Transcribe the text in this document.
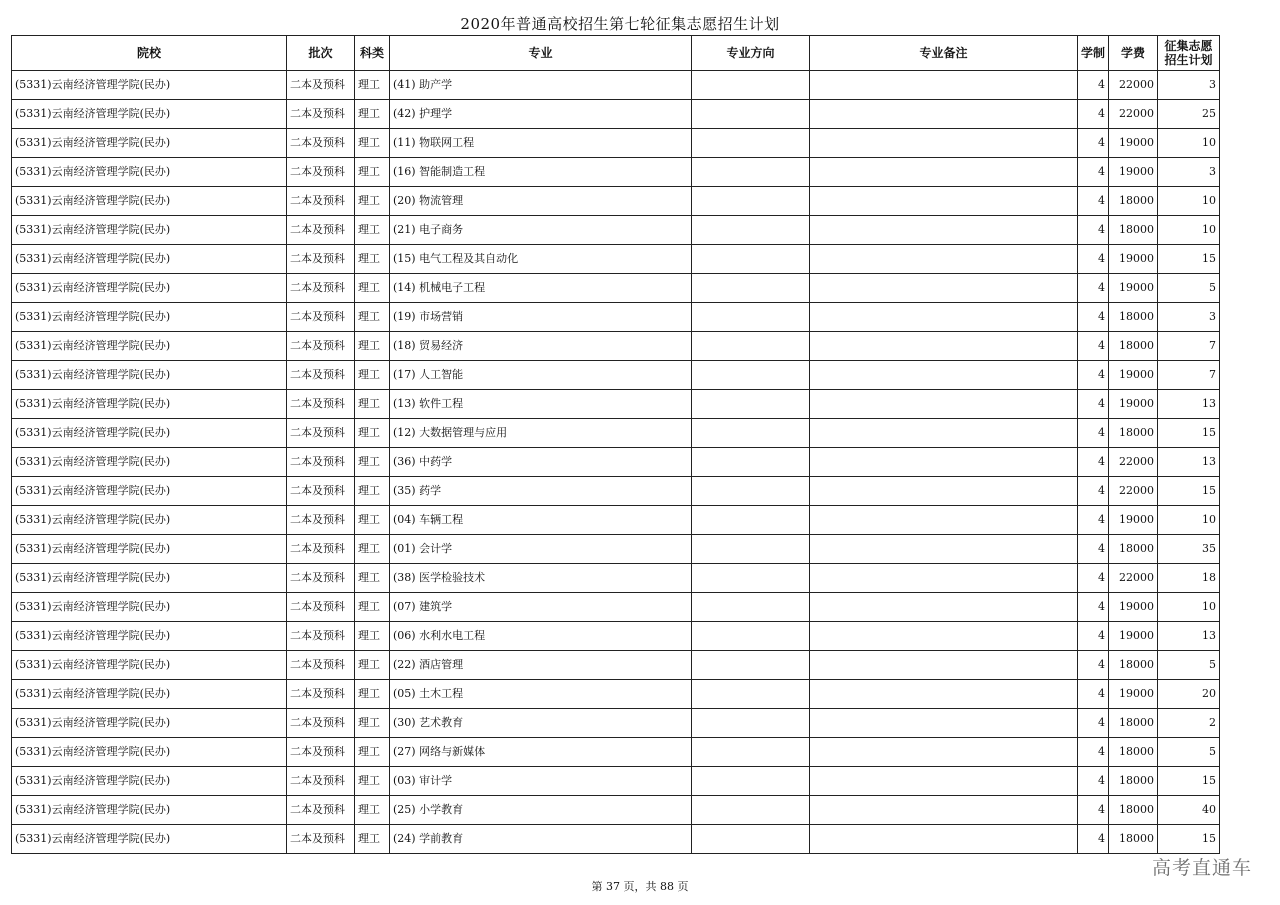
2020年普通高校招生第七轮征集志愿招生计划
院校	批次	科类	专业	专业方向	专业备注	学制	学费	征集志愿
招生计划
(5331)云南经济管理学院(民办)	二本及预科	理工	(41) 助产学			4	22000	3
(5331)云南经济管理学院(民办)	二本及预科	理工	(42) 护理学			4	22000	25
(5331)云南经济管理学院(民办)	二本及预科	理工	(11) 物联网工程			4	19000	10
(5331)云南经济管理学院(民办)	二本及预科	理工	(16) 智能制造工程			4	19000	3
(5331)云南经济管理学院(民办)	二本及预科	理工	(20) 物流管理			4	18000	10
(5331)云南经济管理学院(民办)	二本及预科	理工	(21) 电子商务			4	18000	10
(5331)云南经济管理学院(民办)	二本及预科	理工	(15) 电气工程及其自动化			4	19000	15
(5331)云南经济管理学院(民办)	二本及预科	理工	(14) 机械电子工程			4	19000	5
(5331)云南经济管理学院(民办)	二本及预科	理工	(19) 市场营销			4	18000	3
(5331)云南经济管理学院(民办)	二本及预科	理工	(18) 贸易经济			4	18000	7
(5331)云南经济管理学院(民办)	二本及预科	理工	(17) 人工智能			4	19000	7
(5331)云南经济管理学院(民办)	二本及预科	理工	(13) 软件工程			4	19000	13
(5331)云南经济管理学院(民办)	二本及预科	理工	(12) 大数据管理与应用			4	18000	15
(5331)云南经济管理学院(民办)	二本及预科	理工	(36) 中药学			4	22000	13
(5331)云南经济管理学院(民办)	二本及预科	理工	(35) 药学			4	22000	15
(5331)云南经济管理学院(民办)	二本及预科	理工	(04) 车辆工程			4	19000	10
(5331)云南经济管理学院(民办)	二本及预科	理工	(01) 会计学			4	18000	35
(5331)云南经济管理学院(民办)	二本及预科	理工	(38) 医学检验技术			4	22000	18
(5331)云南经济管理学院(民办)	二本及预科	理工	(07) 建筑学			4	19000	10
(5331)云南经济管理学院(民办)	二本及预科	理工	(06) 水利水电工程			4	19000	13
(5331)云南经济管理学院(民办)	二本及预科	理工	(22) 酒店管理			4	18000	5
(5331)云南经济管理学院(民办)	二本及预科	理工	(05) 土木工程			4	19000	20
(5331)云南经济管理学院(民办)	二本及预科	理工	(30) 艺术教育			4	18000	2
(5331)云南经济管理学院(民办)	二本及预科	理工	(27) 网络与新媒体			4	18000	5
(5331)云南经济管理学院(民办)	二本及预科	理工	(03) 审计学			4	18000	15
(5331)云南经济管理学院(民办)	二本及预科	理工	(25) 小学教育			4	18000	40
(5331)云南经济管理学院(民办)	二本及预科	理工	(24) 学前教育			4	18000	15
第 37 页，共 88 页
高考直通车
